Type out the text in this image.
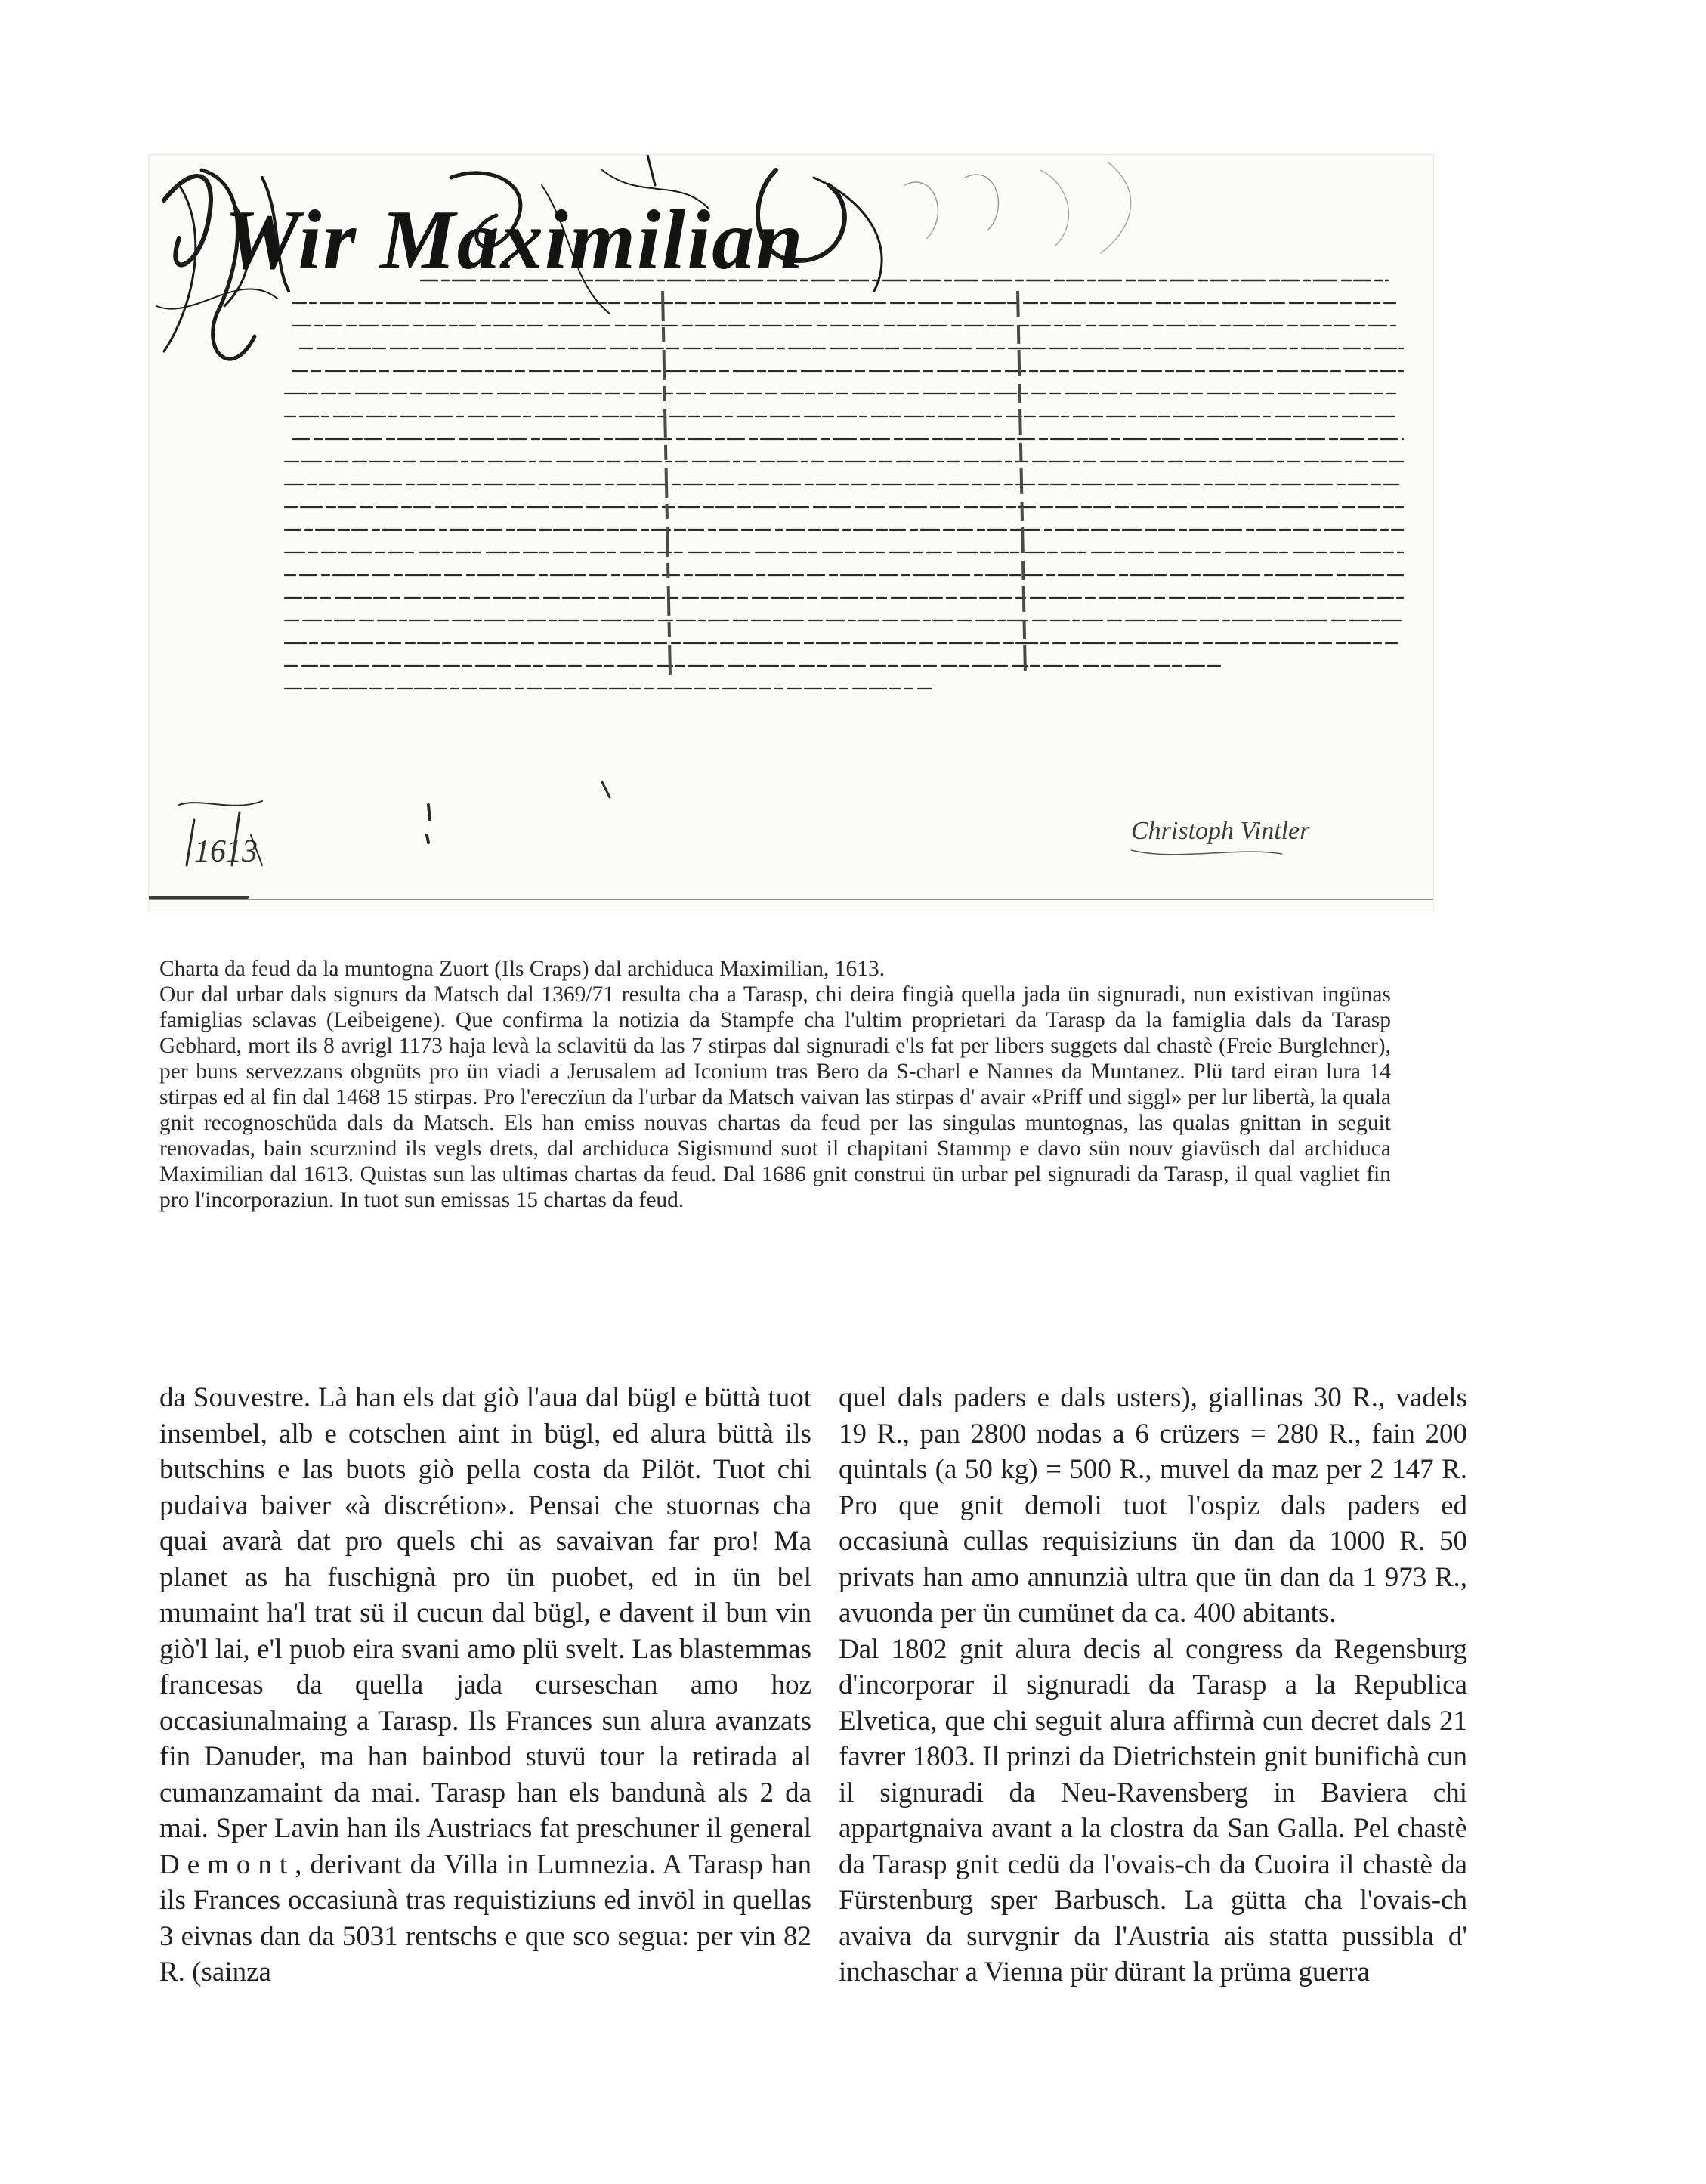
Wir Maximilian
1613
Christoph Vintler

Charta da feud da la muntogna Zuort (Ils Craps) dal archiduca Maximilian, 1613.

Our dal urbar dals signurs da Matsch dal 1369/71 resulta cha a Tarasp, chi deira fingià quella jada ün signuradi, nun existivan ingünas famiglias sclavas (Leibeigene). Que confirma la notizia da Stampfe cha l'ultim proprietari da Tarasp da la famiglia dals da Tarasp Gebhard, mort ils 8 avrigl 1173 haja levà la sclavitü da las 7 stirpas dal signuradi e'ls fat per libers suggets dal chastè (Freie Burglehner), per buns servezzans obgnüts pro ün viadi a Jerusalem ad Iconium tras Bero da S-charl e Nannes da Muntanez. Plü tard eiran lura 14 stirpas ed al fin dal 1468 15 stirpas. Pro l'ereczïun da l'urbar da Matsch vaivan las stirpas d' avair «Priff und siggl» per lur libertà, la quala gnit recognoschüda dals da Matsch. Els han emiss nouvas chartas da feud per las singulas muntognas, las qualas gnittan in seguit renovadas, bain scurznind ils vegls drets, dal archiduca Sigismund suot il chapitani Stammp e davo sün nouv giavüsch dal archiduca Maximilian dal 1613. Quistas sun las ultimas chartas da feud. Dal 1686 gnit construi ün urbar pel signuradi da Tarasp, il qual vagliet fin pro l'incorporaziun. In tuot sun emissas 15 chartas da feud.

da Souvestre. Là han els dat giò l'aua dal bügl e büttà tuot insembel, alb e cotschen aint in bügl, ed alura büttà ils butschins e las buots giò pella costa da Pilöt. Tuot chi pudaiva baiver «à discrétion». Pensai che stuornas cha quai avarà dat pro quels chi as savaivan far pro! Ma planet as ha fuschignà pro ün puobet, ed in ün bel mumaint ha'l trat sü il cucun dal bügl, e davent il bun vin giò'l lai, e'l puob eira svani amo plü svelt. Las blastemmas francesas da quella jada curseschan amo hoz occasiunalmaing a Tarasp. Ils Frances sun alura avanzats fin Danuder, ma han bainbod stuvü tour la retirada al cumanzamaint da mai. Tarasp han els bandunà als 2 da mai. Sper Lavin han ils Austriacs fat preschuner il general Demont, derivant da Villa in Lumnezia. A Tarasp han ils Frances occasiunà tras requistiziuns ed invöl in quellas 3 eivnas dan da 5031 rentschs e que sco segua: per vin 82 R. (sainza

quel dals paders e dals usters), giallinas 30 R., vadels 19 R., pan 2800 nodas a 6 crüzers = 280 R., fain 200 quintals (a 50 kg) = 500 R., muvel da maz per 2 147 R. Pro que gnit demoli tuot l'ospiz dals paders ed occasiunà cullas requisiziuns ün dan da 1000 R. 50 privats han amo annunzià ultra que ün dan da 1 973 R., avuonda per ün cumünet da ca. 400 abitants.

Dal 1802 gnit alura decis al congress da Regensburg d'incorporar il signuradi da Tarasp a la Republica Elvetica, que chi seguit alura affirmà cun decret dals 21 favrer 1803. Il prinzi da Dietrichstein gnit bunifichà cun il signuradi da Neu-Ravensberg in Baviera chi appartgnaiva avant a la clostra da San Galla. Pel chastè da Tarasp gnit cedü da l'ovais-ch da Cuoira il chastè da Fürstenburg sper Barbusch. La gütta cha l'ovais-ch avaiva da survgnir da l'Austria ais statta pussibla d' inchaschar a Vienna pür dürant la prüma guerra
